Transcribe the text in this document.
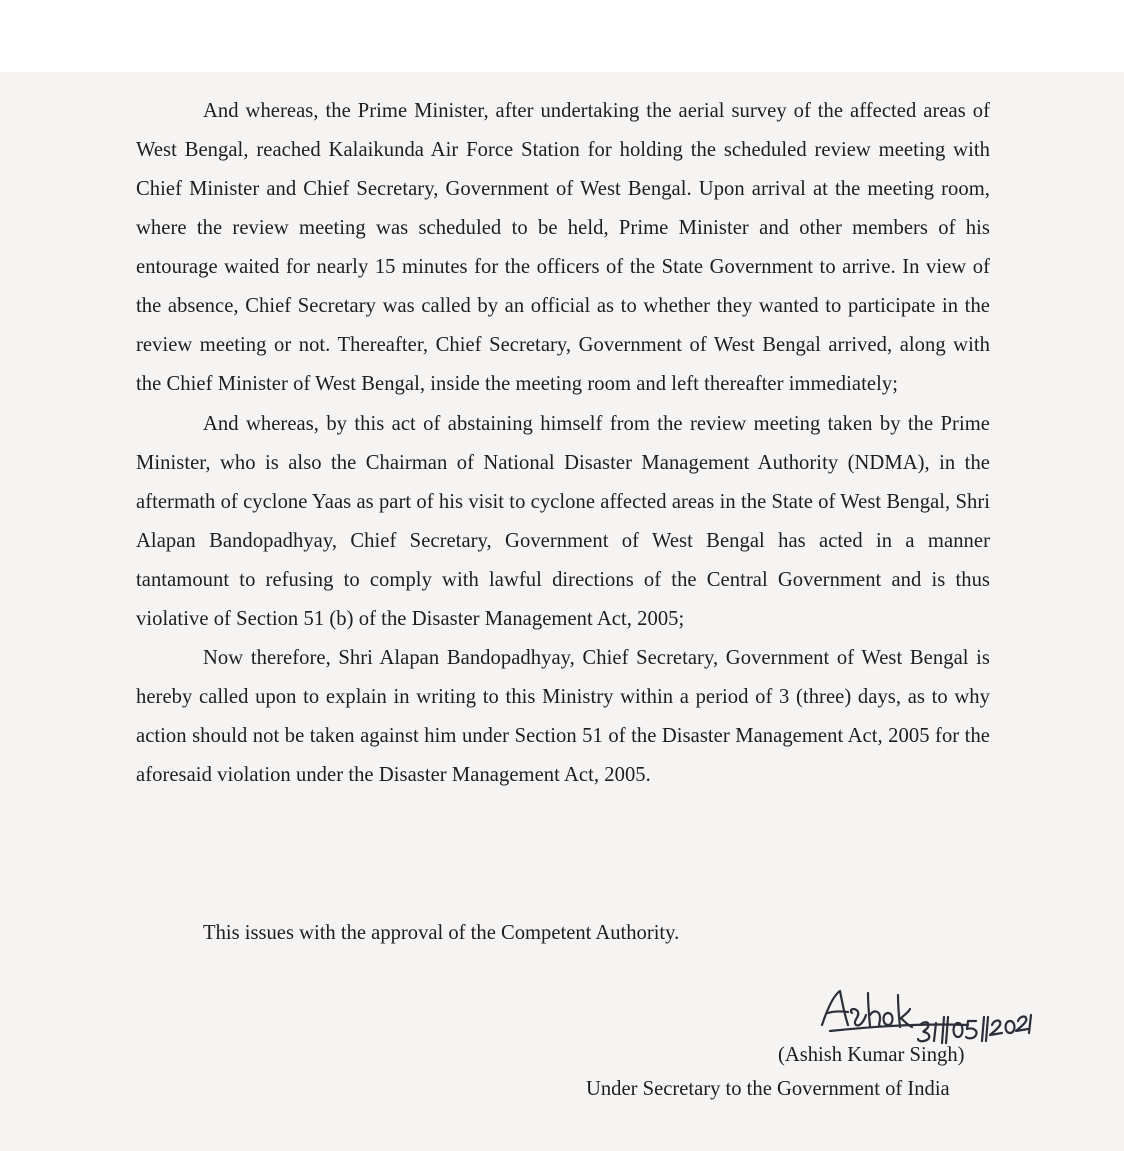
And whereas, the Prime Minister, after undertaking the aerial survey of the affected areas of West Bengal, reached Kalaikunda Air Force Station for holding the scheduled review meeting with Chief Minister and Chief Secretary, Government of West Bengal. Upon arrival at the meeting room, where the review meeting was scheduled to be held, Prime Minister and other members of his entourage waited for nearly 15 minutes for the officers of the State Government to arrive. In view of the absence, Chief Secretary was called by an official as to whether they wanted to participate in the review meeting or not. Thereafter, Chief Secretary, Government of West Bengal arrived, along with the Chief Minister of West Bengal, inside the meeting room and left thereafter immediately;

And whereas, by this act of abstaining himself from the review meeting taken by the Prime Minister, who is also the Chairman of National Disaster Management Authority (NDMA), in the aftermath of cyclone Yaas as part of his visit to cyclone affected areas in the State of West Bengal, Shri Alapan Bandopadhyay, Chief Secretary, Government of West Bengal has acted in a manner tantamount to refusing to comply with lawful directions of the Central Government and is thus violative of Section 51 (b) of the Disaster Management Act, 2005;

Now therefore, Shri Alapan Bandopadhyay, Chief Secretary, Government of West Bengal is hereby called upon to explain in writing to this Ministry within a period of 3 (three) days, as to why action should not be taken against him under Section 51 of the Disaster Management Act, 2005 for the aforesaid violation under the Disaster Management Act, 2005.

This issues with the approval of the Competent Authority.
(Ashish Kumar Singh)
Under Secretary to the Government of India
